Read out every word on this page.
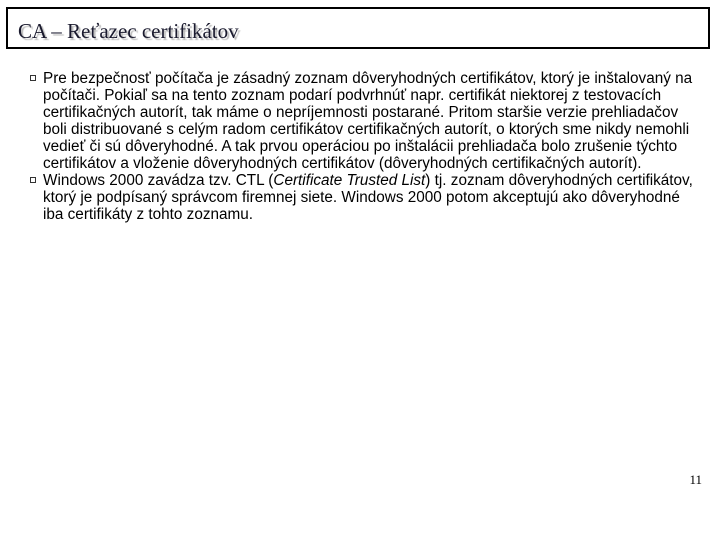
CA – Reťazec certifikátov
Pre bezpečnosť počítača je zásadný zoznam dôveryhodných certifikátov, ktorý je inštalovaný na počítači. Pokiaľ sa na tento zoznam podarí podvrhnúť napr. certifikát niektorej z testovacích certifikačných autorít, tak máme o nepríjemnosti postarané. Pritom staršie verzie prehliadačov boli distribuované s celým radom certifikátov certifikačných autorít, o ktorých sme nikdy nemohli vedieť či sú dôveryhodné. A tak prvou operáciou po inštalácii prehliadača bolo zrušenie týchto certifikátov a vloženie dôveryhodných certifikátov (dôveryhodných certifikačných autorít).
Windows 2000 zavádza tzv. CTL (Certificate Trusted List) tj. zoznam dôveryhodných certifikátov, ktorý je podpísaný správcom firemnej siete. Windows 2000 potom akceptujú ako dôveryhodné iba certifikáty z tohto zoznamu.
11
